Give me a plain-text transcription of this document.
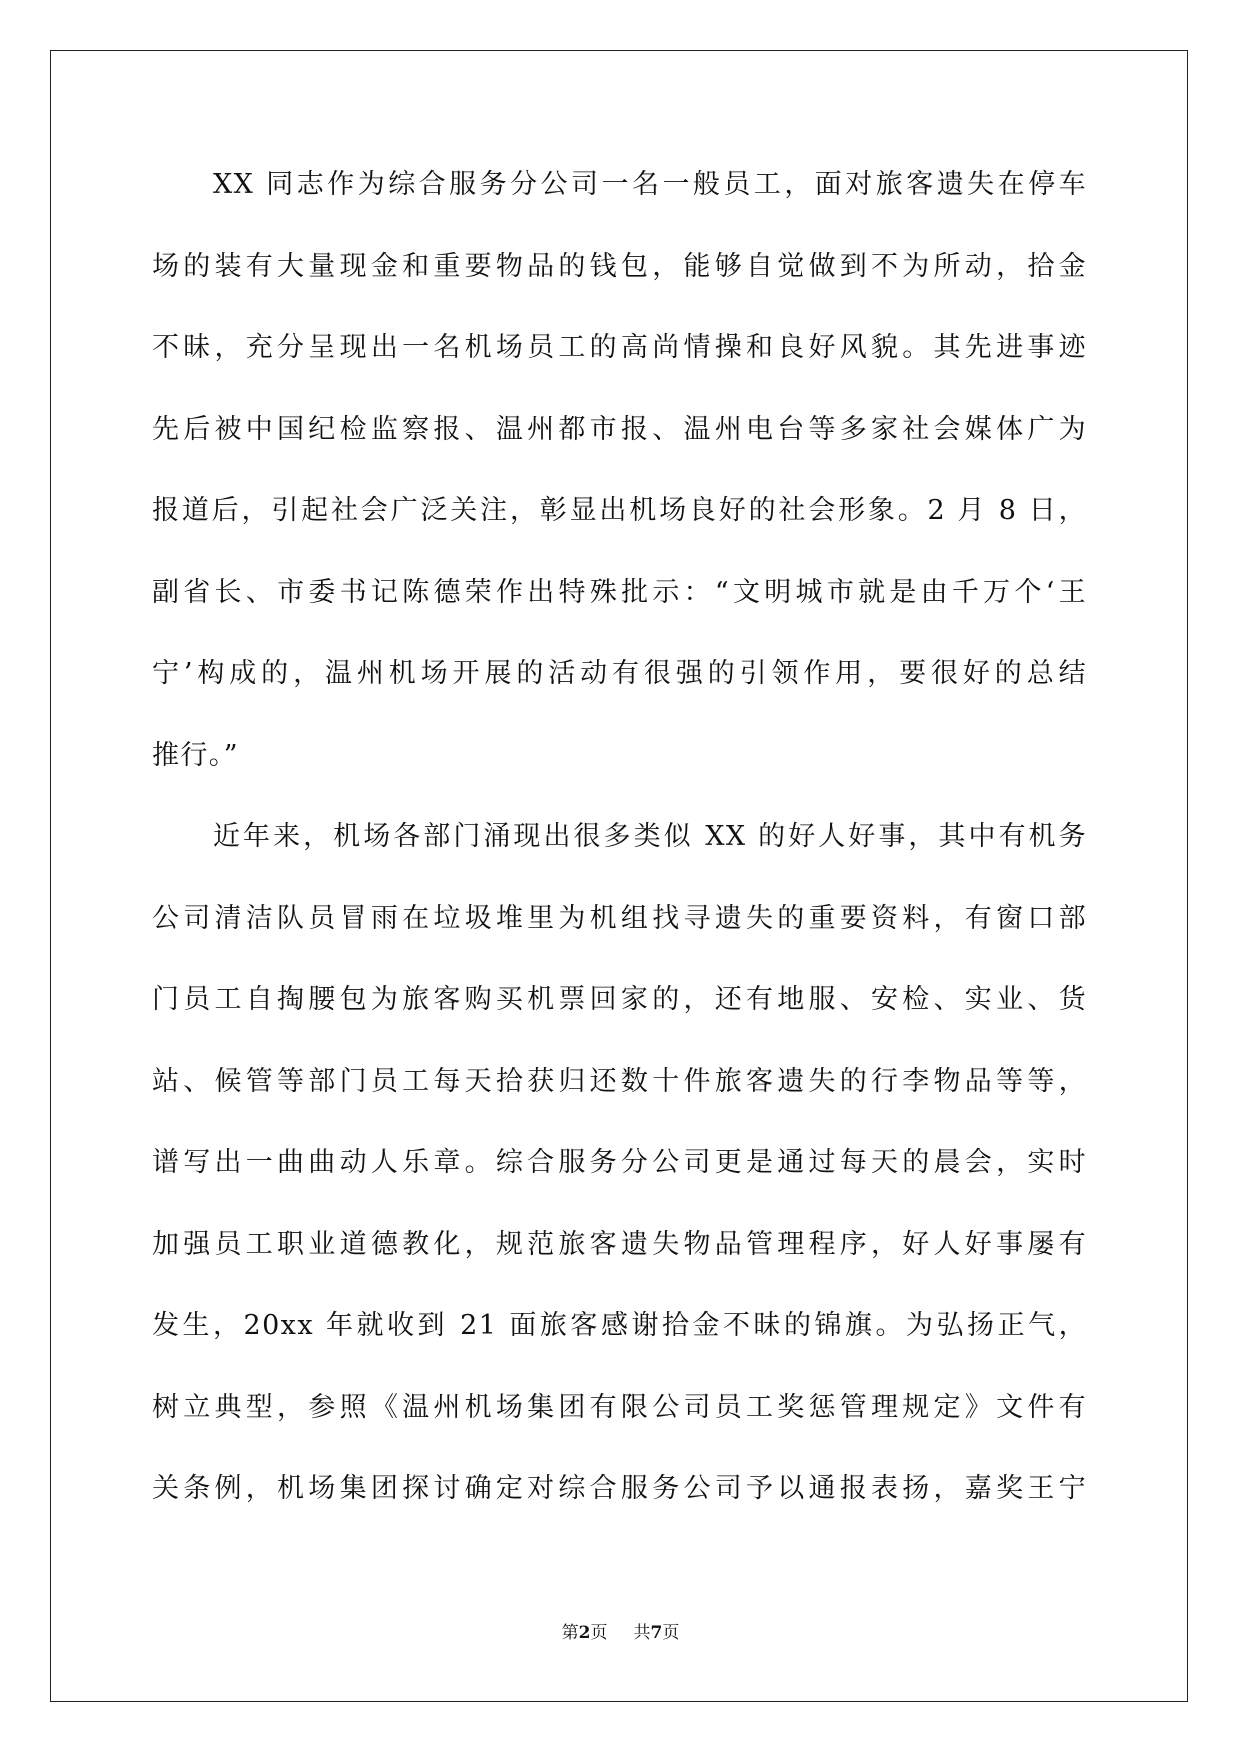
XX 同志作为综合服务分公司一名一般员工，面对旅客遗失在停车
场的装有大量现金和重要物品的钱包，能够自觉做到不为所动，拾金
不昧，充分呈现出一名机场员工的高尚情操和良好风貌。其先进事迹
先后被中国纪检监察报、温州都市报、温州电台等多家社会媒体广为
报道后，引起社会广泛关注，彰显出机场良好的社会形象。2 月 8 日，
副省长、市委书记陈德荣作出特殊批示：“文明城市就是由千万个‘王
宁’构成的，温州机场开展的活动有很强的引领作用，要很好的总结
推行。”
近年来，机场各部门涌现出很多类似 XX 的好人好事，其中有机务
公司清洁队员冒雨在垃圾堆里为机组找寻遗失的重要资料，有窗口部
门员工自掏腰包为旅客购买机票回家的，还有地服、安检、实业、货
站、候管等部门员工每天拾获归还数十件旅客遗失的行李物品等等，
谱写出一曲曲动人乐章。综合服务分公司更是通过每天的晨会，实时
加强员工职业道德教化，规范旅客遗失物品管理程序，好人好事屡有
发生，20xx 年就收到 21 面旅客感谢拾金不昧的锦旗。为弘扬正气，
树立典型，参照《温州机场集团有限公司员工奖惩管理规定》文件有
关条例，机场集团探讨确定对综合服务公司予以通报表扬，嘉奖王宁
第2页 共7页
